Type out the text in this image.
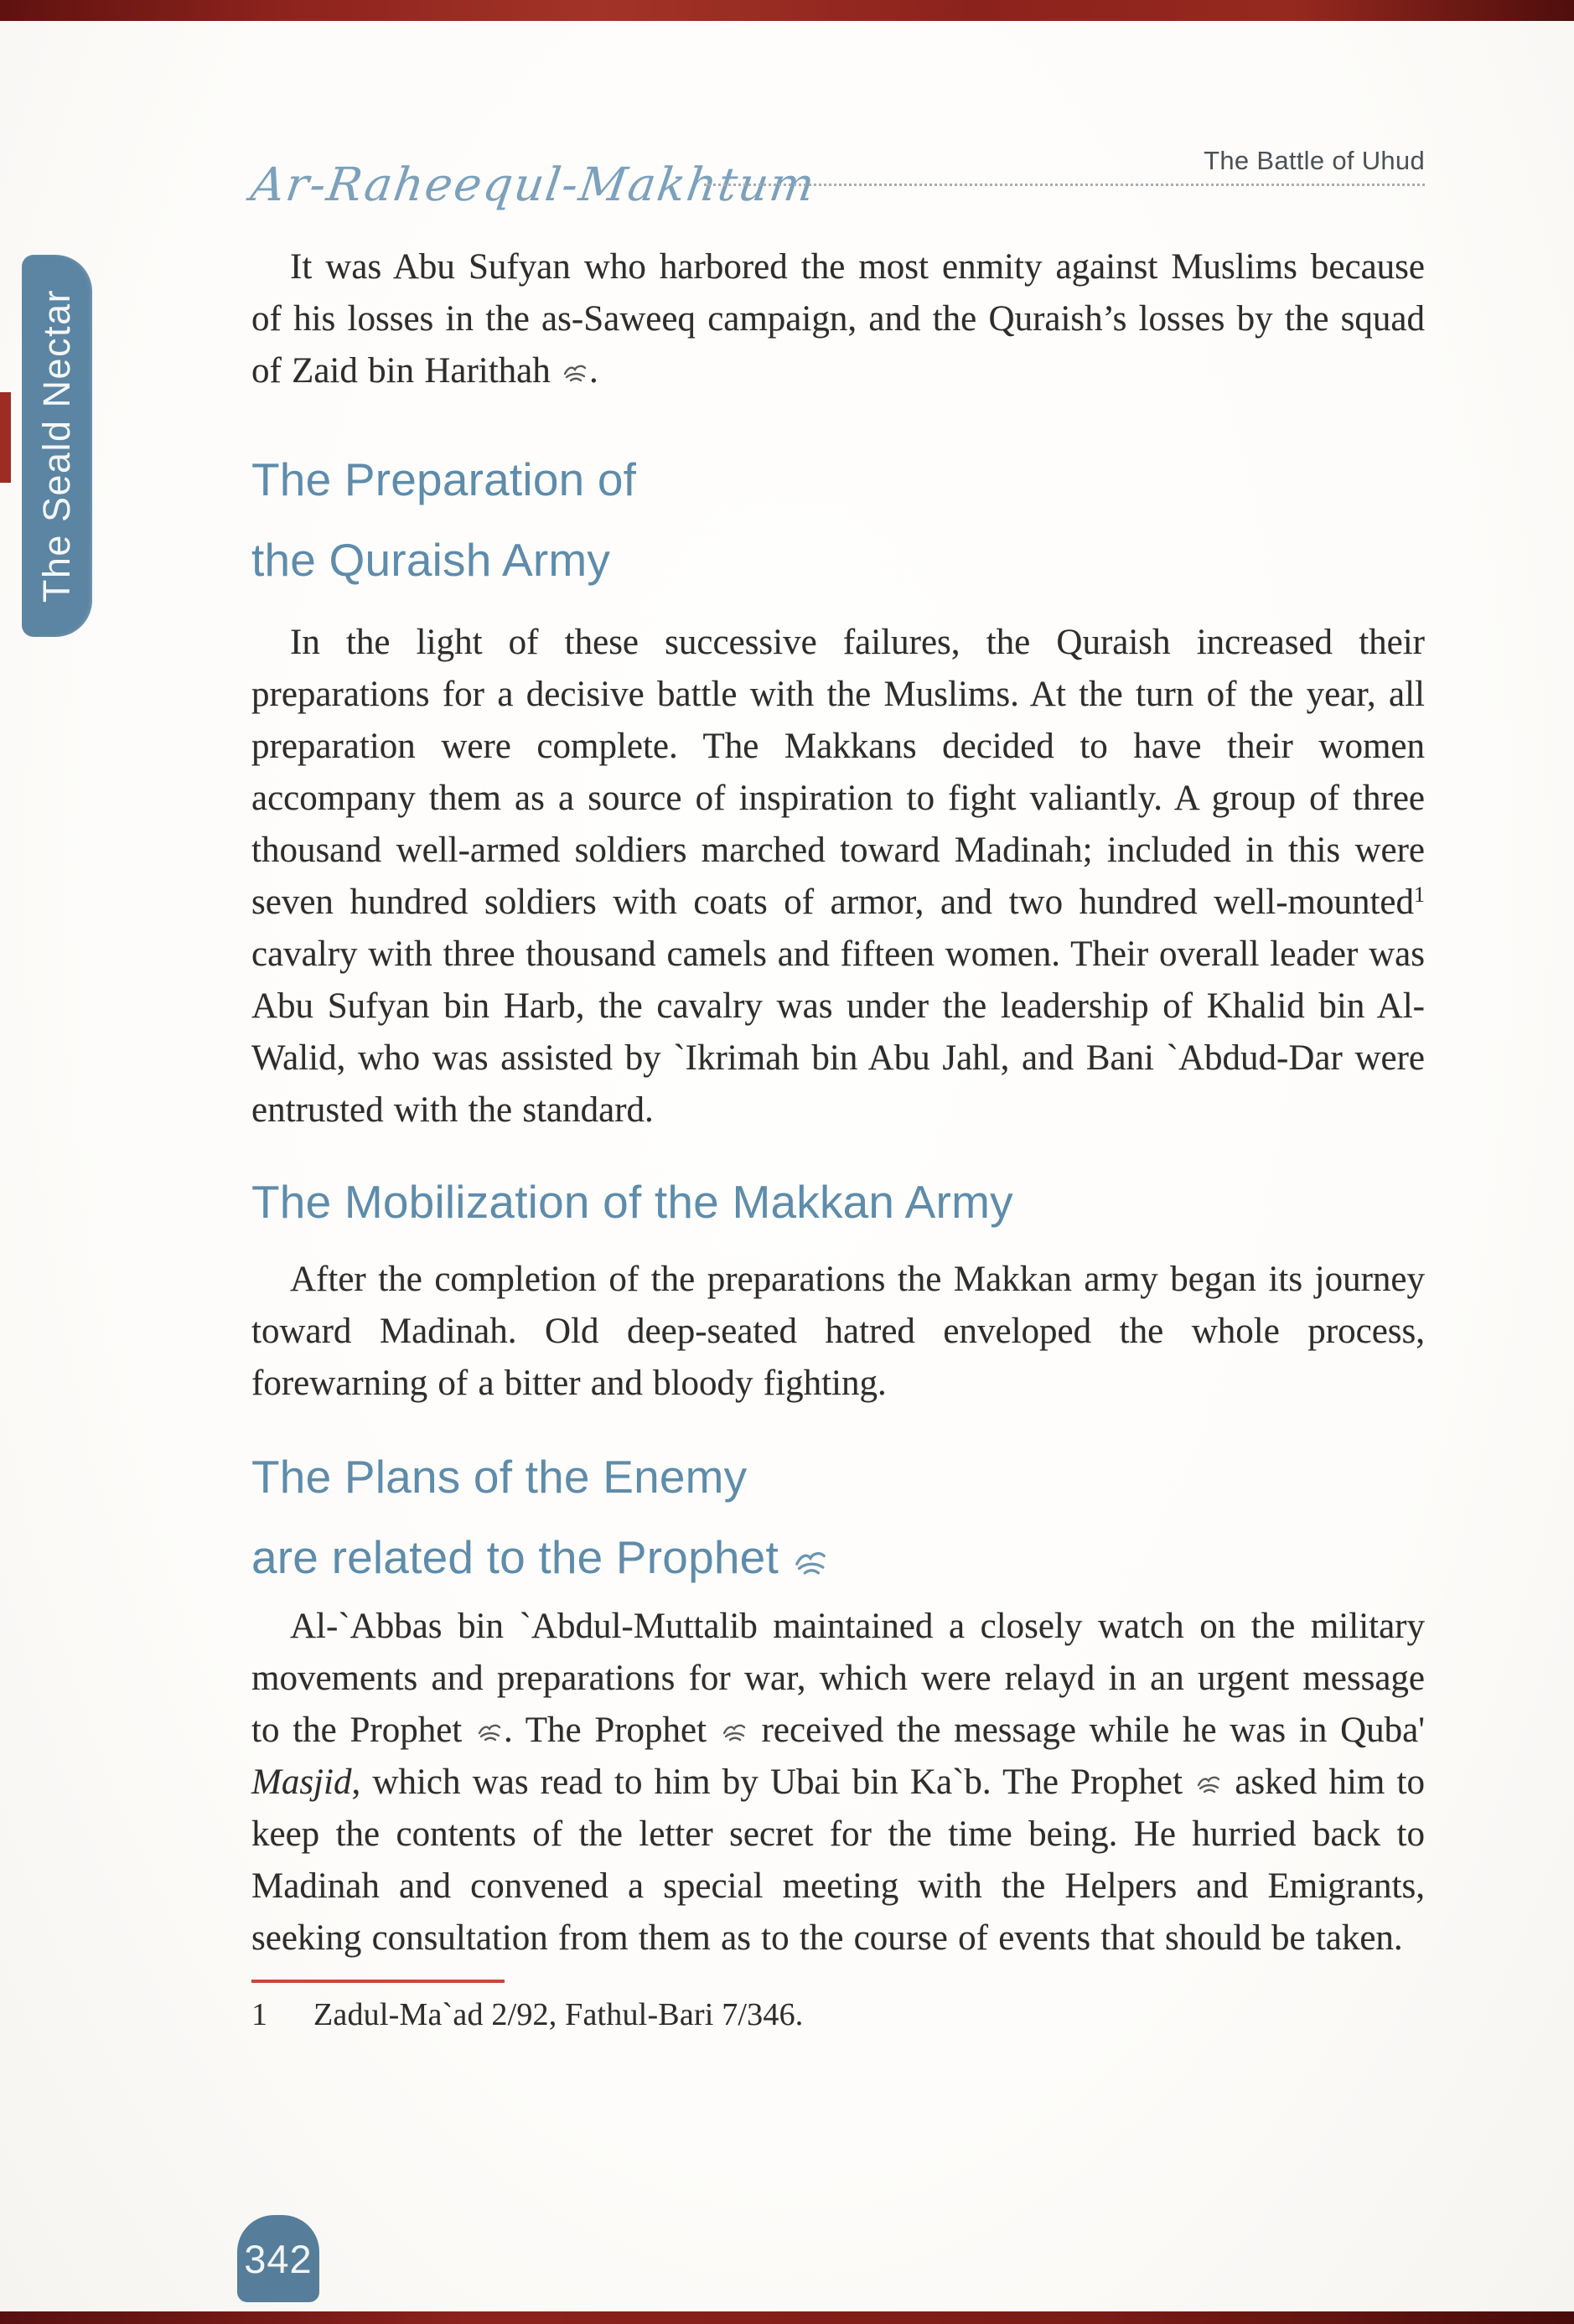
Ar-Raheequl-Makhtum	The Battle of Uhud
The Seald Nectar

It was Abu Sufyan who harbored the most enmity against Muslims because of his losses in the as-Saweeq campaign, and the Quraish’s losses by the squad of Zaid bin Harithah
.

The Preparation of
the Quraish Army

In the light of these successive failures, the Quraish increased their preparations for a decisive battle with the Muslims. At the turn of the year, all preparation were complete. The Makkans decided to have their women accompany them as a source of inspiration to fight valiantly. A group of three thousand well-armed soldiers marched toward Madinah; included in this were seven hundred soldiers with coats of armor, and two hundred well-mounted$^1$ cavalry with three thousand camels and fifteen women. Their overall leader was Abu Sufyan bin Harb, the cavalry was under the leadership of Khalid bin Al-Walid, who was assisted by `Ikrimah bin Abu Jahl, and Bani `Abdud-Dar were entrusted with the standard.

The Mobilization of the Makkan Army

After the completion of the preparations the Makkan army began its journey toward Madinah. Old deep-seated hatred enveloped the whole process, forewarning of a bitter and bloody fighting.

The Plans of the Enemy
are related to the Prophet

Al-`Abbas bin `Abdul-Muttalib maintained a closely watch on the military movements and preparations for war, which were relayd in an urgent message to the Prophet
. The Prophet
received the message while he was in Quba' Masjid, which was read to him by Ubai bin Ka`b. The Prophet
asked him to keep the contents of the letter secret for the time being. He hurried back to Madinah and convened a special meeting with the Helpers and Emigrants, seeking consultation from them as to the course of events that should be taken.

1	Zadul-Ma`ad 2/92, Fathul-Bari 7/346.
342
